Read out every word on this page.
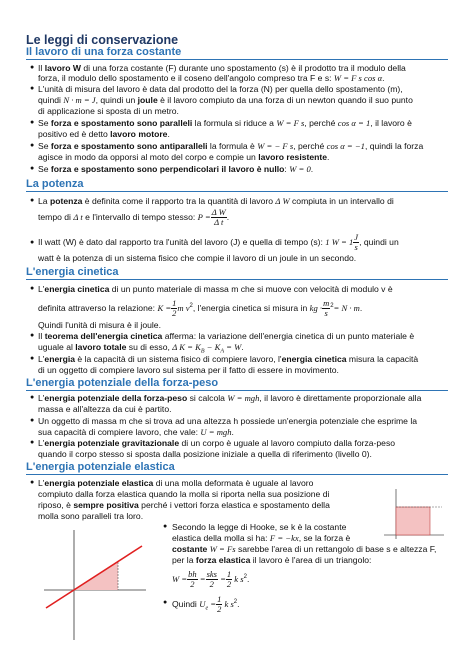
Le leggi di conservazione
Il lavoro di una forza costante
● Il lavoro W di una forza costante (F) durante uno spostamento (s) è il prodotto tra il modulo della
forza, il modulo dello spostamento e il coseno dell'angolo compreso tra F e s: W = F s cos α.
● L'unità di misura del lavoro è data dal prodotto del la forza (N) per quella dello spostamento (m),
quindi N · m = J, quindi un joule è il lavoro compiuto da una forza di un newton quando il suo punto
di applicazione si sposta di un metro.
● Se forza e spostamento sono paralleli la formula si riduce a W = F s, perché cos α = 1, il lavoro è
positivo ed è detto lavoro motore.
● Se forza e spostamento sono antiparalleli la formula è W = − F s, perché cos α = −1, quindi la forza
agisce in modo da opporsi al moto del corpo e compie un lavoro resistente.
● Se forza e spostamento sono perpendicolari il lavoro è nullo: W = 0.
La potenza
● La potenza è definita come il rapporto tra la quantità di lavoro Δ W compiuta in un intervallo di
tempo di Δ t e l'intervallo di tempo stesso: $P = \frac{\text{Δ W}}{\text{Δ t}}$ .
● Il watt (W) è dato dal rapporto tra l'unità del lavoro (J) e quella di tempo (s): 1 $W = 1 \frac{J}{s}$ , quindi un
watt è la potenza di un sistema fisico che compie il lavoro di un joule in un secondo.
L'energia cinetica
● L'energia cinetica di un punto materiale di massa m che si muove con velocità di modulo v è
definita attraverso la relazione: $K = \frac{1}{2}$ m $v^2$, l'energia cinetica si misura in kg · $\frac{m}{s} ^2= N \cdot m$.
Quindi l'unità di misura è il joule.
● Il teorema dell'energia cinetica afferma: la variazione dell'energia cinetica di un punto materiale è
uguale al lavoro totale su di esso, Δ $K = K_B - K_A = W$.
● L'energia è la capacità di un sistema fisico di compiere lavoro, l'energia cinetica misura la capacità
di un oggetto di compiere lavoro sul sistema per il fatto di essere in movimento.
L'energia potenziale della forza-peso
● L'energia potenziale della forza-peso si calcola W = mgh, il lavoro è direttamente proporzionale alla
massa e all'altezza da cui è partito.
● Un oggetto di massa m che si trova ad una altezza h possiede un'energia potenziale che esprime la
sua capacità di compiere lavoro, che vale: U = mgh.
● L'energia potenziale gravitazionale di un corpo è uguale al lavoro compiuto dalla forza-peso
quando il corpo stesso si sposta dalla posizione iniziale a quella di riferimento (livello 0).
L'energia potenziale elastica
● L'energia potenziale elastica di una molla deformata è uguale al lavoro
compiuto dalla forza elastica quando la molla si riporta nella sua posizione di
riposo, è sempre positiva perché i vettori forza elastica e spostamento della
molla sono paralleli tra loro.
● Secondo la legge di Hooke, se k è la costante
elastica della molla si ha: F = −kx, se la forza è
costante W = Fs sarebbe l'area di un rettangolo di base s e altezza F,
per la forza elastica il lavoro è l'area di un triangolo:
$W = \frac{bh}{2} = \frac{\text{sks}}{2} = \frac{1}{2}$ k $s^2$.
● Quindi $U_e = \frac{1}{2}$ k $s^2$.
